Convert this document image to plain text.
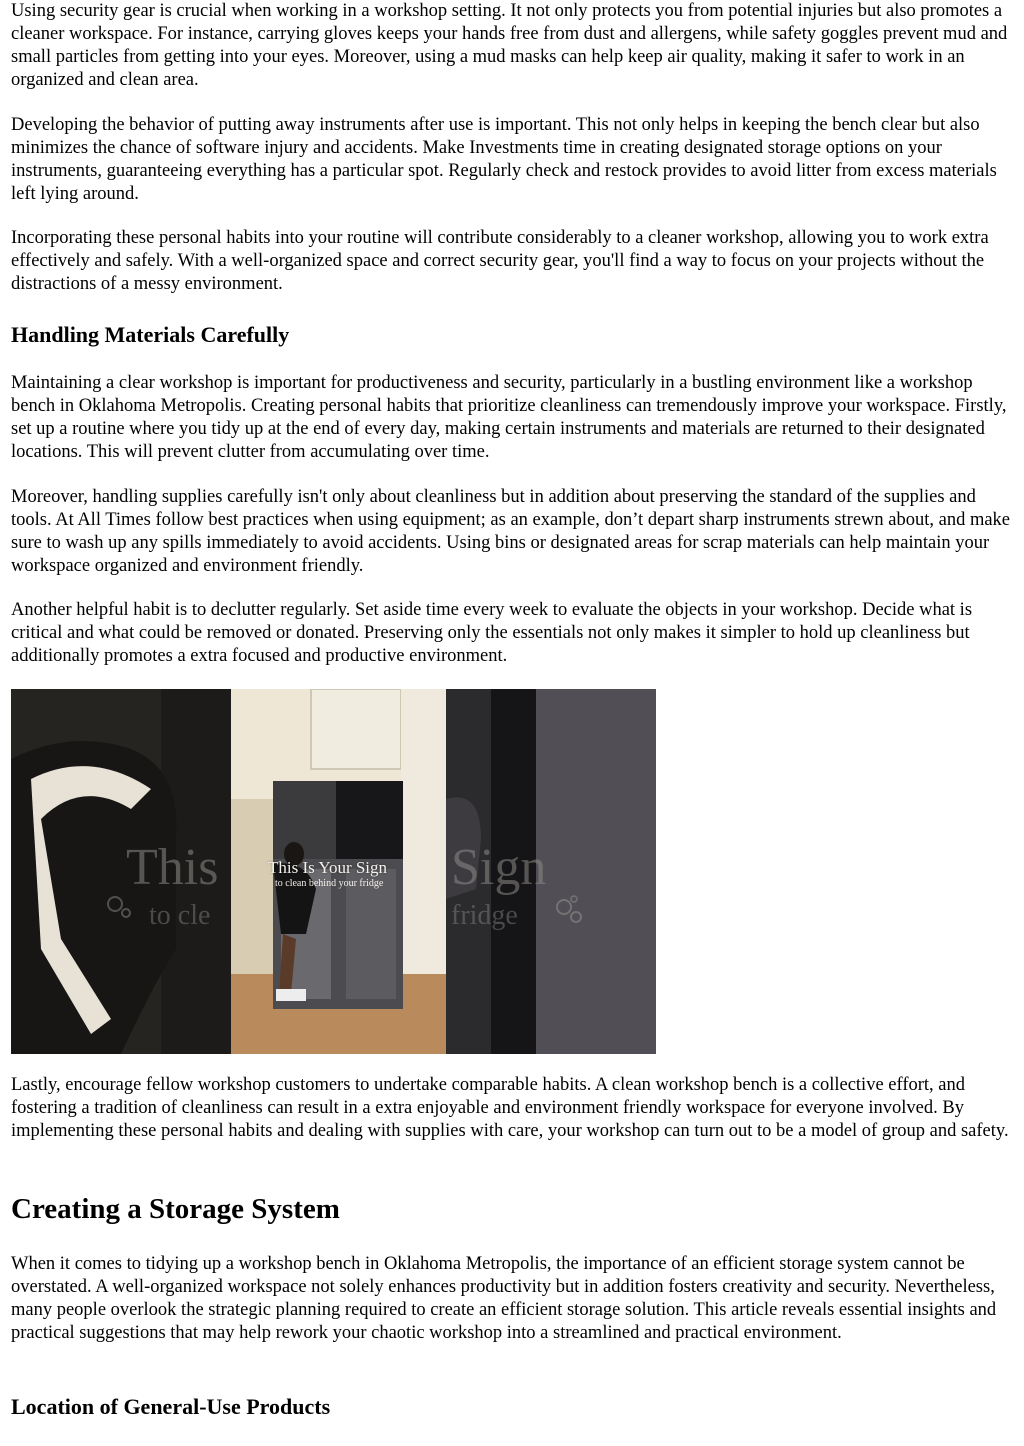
Using security gear is crucial when working in a workshop setting. It not only protects you from potential injuries but also promotes a cleaner workspace. For instance, carrying gloves keeps your hands free from dust and allergens, while safety goggles prevent mud and small particles from getting into your eyes. Moreover, using a mud masks can help keep air quality, making it safer to work in an organized and clean area.

Developing the behavior of putting away instruments after use is important. This not only helps in keeping the bench clear but also minimizes the chance of software injury and accidents. Make Investments time in creating designated storage options on your instruments, guaranteeing everything has a particular spot. Regularly check and restock provides to avoid litter from excess materials left lying around.

Incorporating these personal habits into your routine will contribute considerably to a cleaner workshop, allowing you to work extra effectively and safely. With a well-organized space and correct security gear, you'll find a way to focus on your projects without the distractions of a messy environment.

Handling Materials Carefully

Maintaining a clear workshop is important for productiveness and security, particularly in a bustling environment like a workshop bench in Oklahoma Metropolis. Creating personal habits that prioritize cleanliness can tremendously improve your workspace. Firstly, set up a routine where you tidy up at the end of every day, making certain instruments and materials are returned to their designated locations. This will prevent clutter from accumulating over time.

Moreover, handling supplies carefully isn't only about cleanliness but in addition about preserving the standard of the supplies and tools. At All Times follow best practices when using equipment; as an example, don’t depart sharp instruments strewn about, and make sure to wash up any spills immediately to avoid accidents. Using bins or designated areas for scrap materials can help maintain your workspace organized and environment friendly.

Another helpful habit is to declutter regularly. Set aside time every week to evaluate the objects in your workshop. Decide what is critical and what could be removed or donated. Preserving only the essentials not only makes it simpler to hold up cleanliness but additionally promotes a extra focused and productive environment.

This	Sign
to cle	fridge
This Is Your Sign
to clean behind your fridge

Lastly, encourage fellow workshop customers to undertake comparable habits. A clean workshop bench is a collective effort, and fostering a tradition of cleanliness can result in a extra enjoyable and environment friendly workspace for everyone involved. By implementing these personal habits and dealing with supplies with care, your workshop can turn out to be a model of group and safety.

Creating a Storage System

When it comes to tidying up a workshop bench in Oklahoma Metropolis, the importance of an efficient storage system cannot be overstated. A well-organized workspace not solely enhances productivity but in addition fosters creativity and security. Nevertheless, many people overlook the strategic planning required to create an efficient storage solution. This article reveals essential insights and practical suggestions that may help rework your chaotic workshop into a streamlined and practical environment.

Location of General-Use Products
